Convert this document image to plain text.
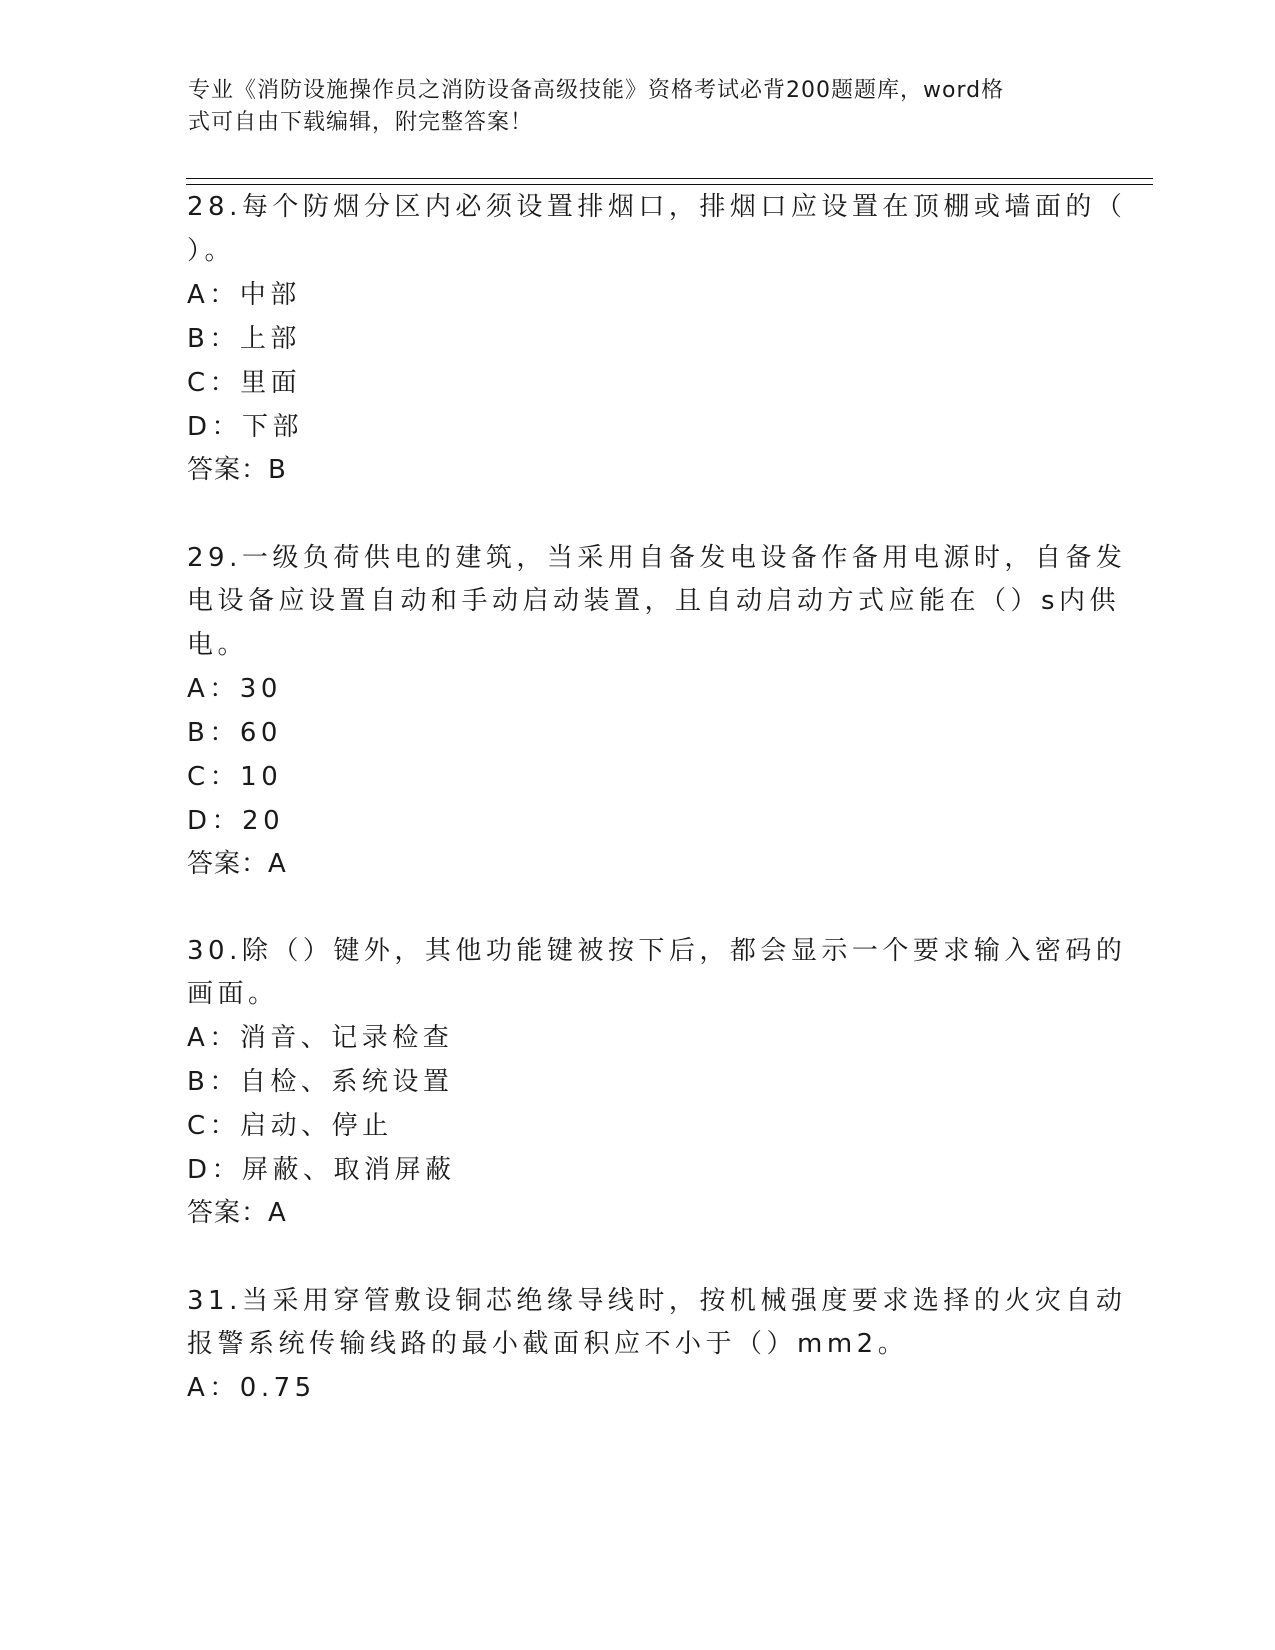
专业《消防设施操作员之消防设备高级技能》资格考试必背200题题库，word格
式可自由下载编辑，附完整答案！
28.每个防烟分区内必须设置排烟口，排烟口应设置在顶棚或墙面的（
）。
A：中部
B：上部
C：里面
D：下部
答案：B
29.一级负荷供电的建筑，当采用自备发电设备作备用电源时，自备发
电设备应设置自动和手动启动装置，且自动启动方式应能在（）s内供
电。
A：30
B：60
C：10
D：20
答案：A
30.除（）键外，其他功能键被按下后，都会显示一个要求输入密码的
画面。
A：消音、记录检查
B：自检、系统设置
C：启动、停止
D：屏蔽、取消屏蔽
答案：A
31.当采用穿管敷设铜芯绝缘导线时，按机械强度要求选择的火灾自动
报警系统传输线路的最小截面积应不小于（）mm2。
A：0.75
